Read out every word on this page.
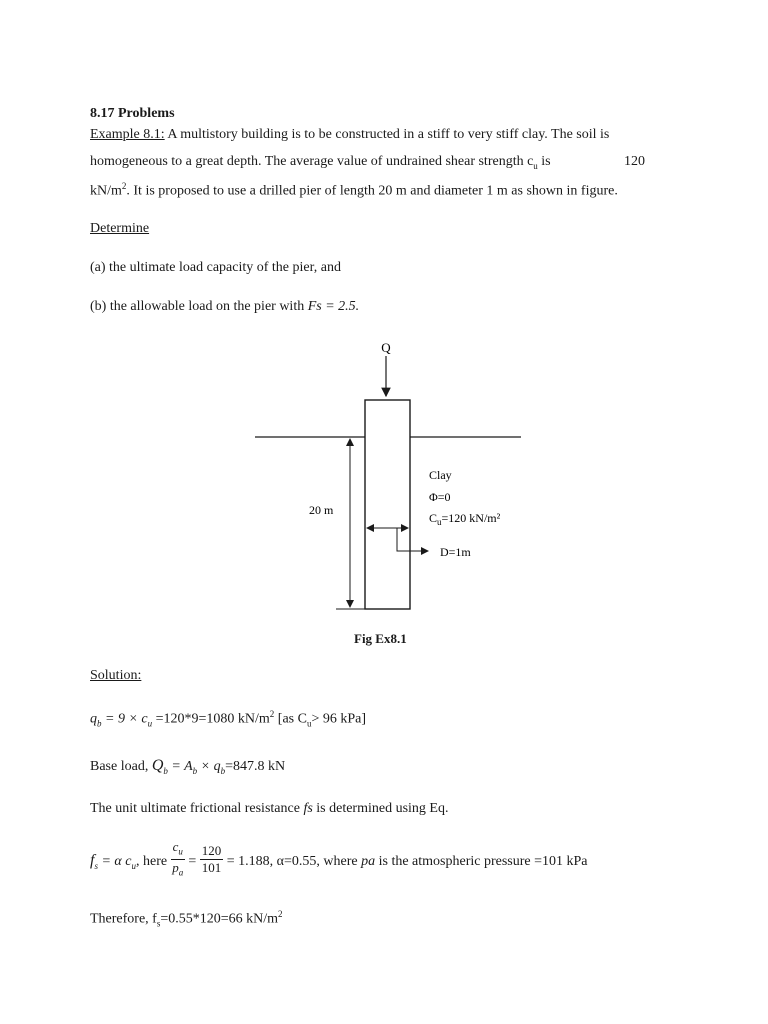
8.17 Problems
Example 8.1: A multistory building is to be constructed in a stiff to very stiff clay. The soil is
homogeneous to a great depth. The average value of undrained shear strength $c_u$ is	120
$kN/m^2$. It is proposed to use a drilled pier of length 20 m and diameter 1 m as shown in figure.
Determine
(a) the ultimate load capacity of the pier, and
(b) the allowable load on the pier with Fs = 2.5.
Q
20 m
Clay
Φ=0
$C_u=120$ kN/m²
D=1m
Fig Ex8.1
Solution:
$q_b = 9 \times c_u =120*9=1080$ $kN/m^2$ [as $C_u> 96$ kPa]
Base load, $Q_b = A_b \times q_b=847.8$ kN
The unit ultimate frictional resistance fs is determined using Eq.
$f_s = \alpha$ $c_u$, here $\frac{c_u}{p_a} = \frac{120}{101} = 1.188$, α=0.55, where pa is the atmospheric pressure =101 kPa
Therefore, $f_s=0.55*120=66$ $kN/m^2$
